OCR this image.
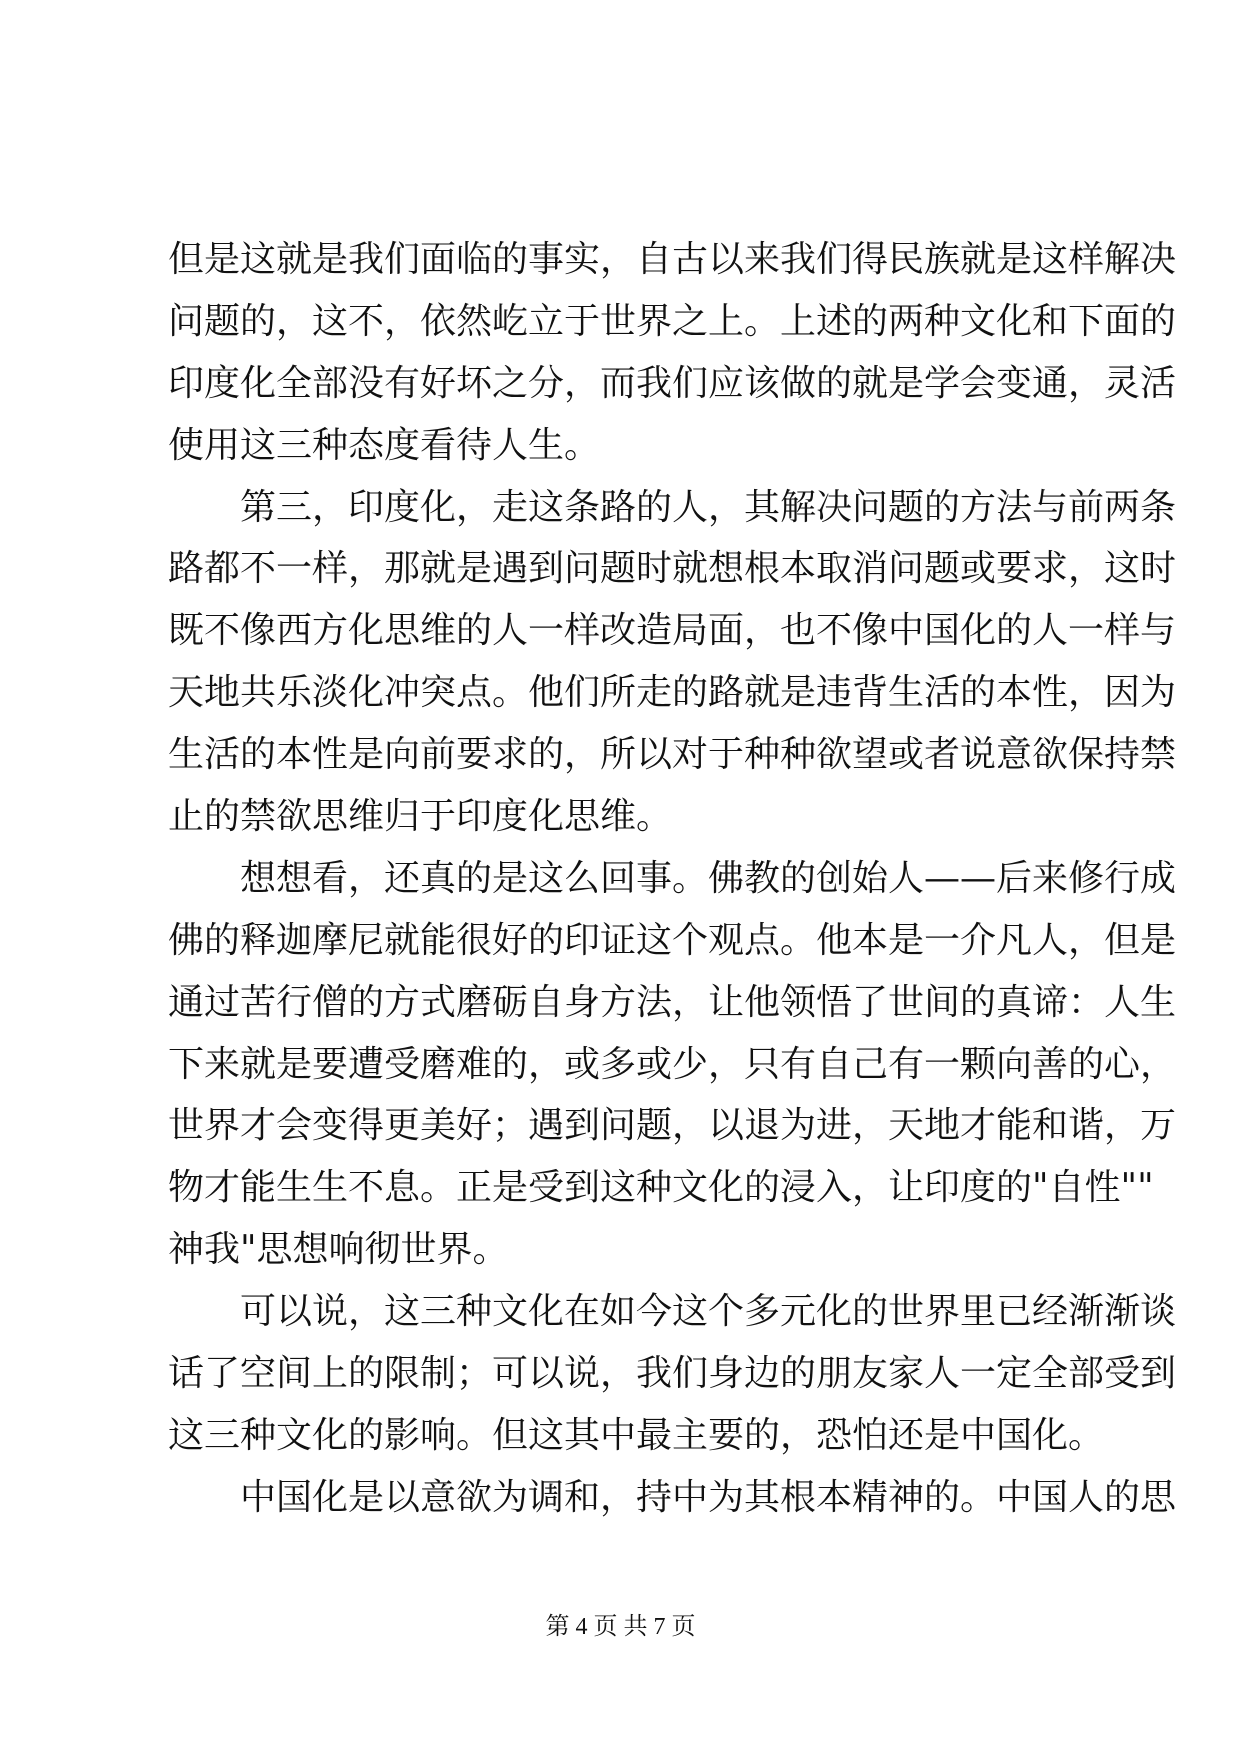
但是这就是我们面临的事实，自古以来我们得民族就是这样解决
问题的，这不，依然屹立于世界之上。上述的两种文化和下面的
印度化全部没有好坏之分，而我们应该做的就是学会变通，灵活
使用这三种态度看待人生。
第三，印度化，走这条路的人，其解决问题的方法与前两条
路都不一样，那就是遇到问题时就想根本取消问题或要求，这时
既不像西方化思维的人一样改造局面，也不像中国化的人一样与
天地共乐淡化冲突点。他们所走的路就是违背生活的本性，因为
生活的本性是向前要求的，所以对于种种欲望或者说意欲保持禁
止的禁欲思维归于印度化思维。
想想看，还真的是这么回事。佛教的创始人——后来修行成
佛的释迦摩尼就能很好的印证这个观点。他本是一介凡人，但是
通过苦行僧的方式磨砺自身方法，让他领悟了世间的真谛：人生
下来就是要遭受磨难的，或多或少，只有自己有一颗向善的心，
世界才会变得更美好；遇到问题，以退为进，天地才能和谐，万
物才能生生不息。正是受到这种文化的浸入，让印度的"自性""
神我"思想响彻世界。
可以说，这三种文化在如今这个多元化的世界里已经渐渐谈
话了空间上的限制；可以说，我们身边的朋友家人一定全部受到
这三种文化的影响。但这其中最主要的，恐怕还是中国化。
中国化是以意欲为调和，持中为其根本精神的。中国人的思
第 4 页 共 7 页
